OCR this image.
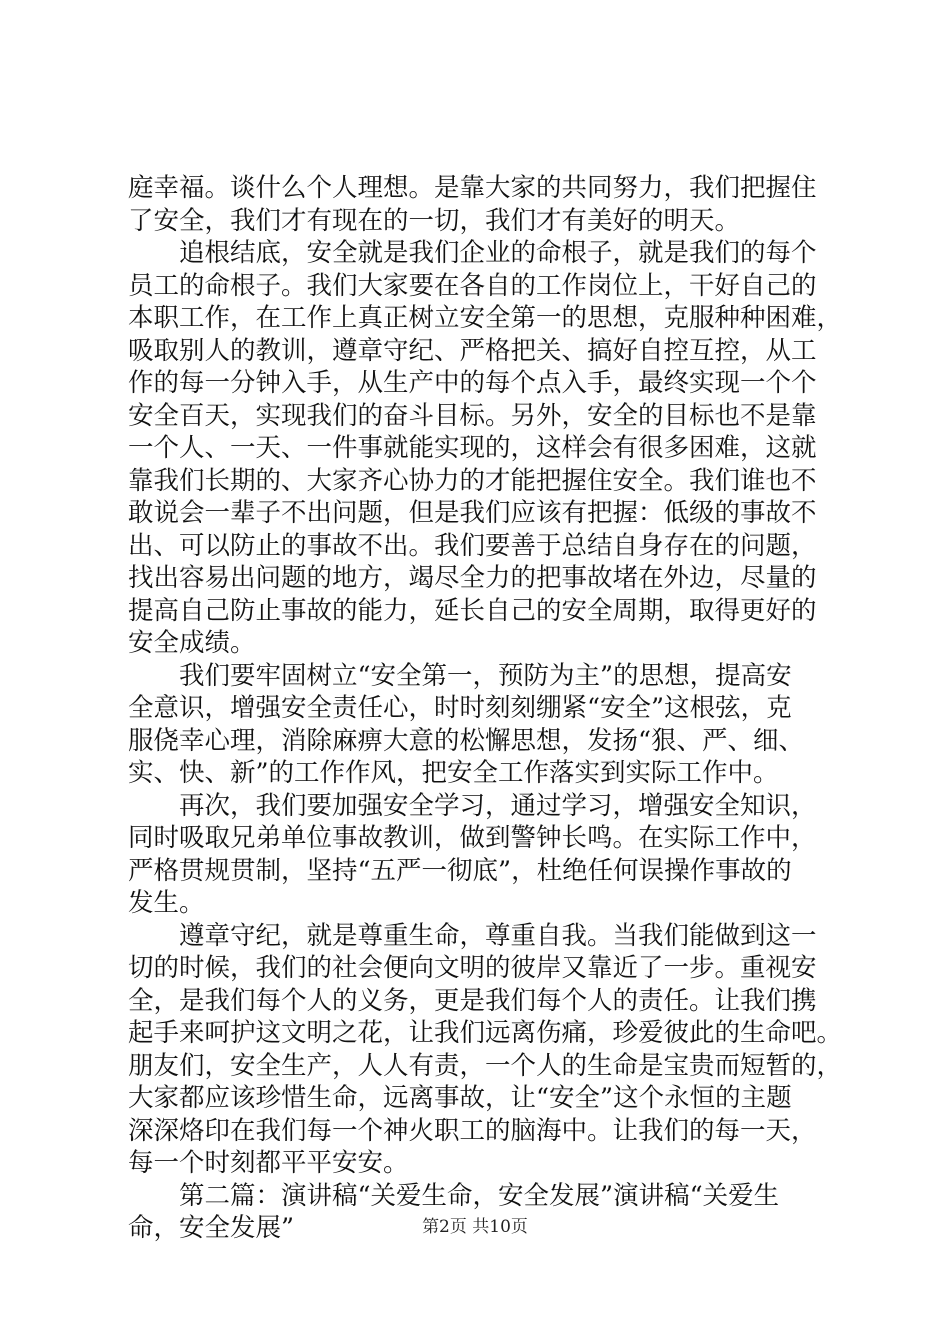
庭幸福。谈什么个人理想。是靠大家的共同努力，我们把握住
了安全，我们才有现在的一切，我们才有美好的明天。
追根结底，安全就是我们企业的命根子，就是我们的每个
员工的命根子。我们大家要在各自的工作岗位上，干好自己的
本职工作，在工作上真正树立安全第一的思想，克服种种困难，
吸取别人的教训，遵章守纪、严格把关、搞好自控互控，从工
作的每一分钟入手，从生产中的每个点入手，最终实现一个个
安全百天，实现我们的奋斗目标。另外，安全的目标也不是靠
一个人、一天、一件事就能实现的，这样会有很多困难，这就
靠我们长期的、大家齐心协力的才能把握住安全。我们谁也不
敢说会一辈子不出问题，但是我们应该有把握：低级的事故不
出、可以防止的事故不出。我们要善于总结自身存在的问题，
找出容易出问题的地方，竭尽全力的把事故堵在外边，尽量的
提高自己防止事故的能力，延长自己的安全周期，取得更好的
安全成绩。
我们要牢固树立“安全第一，预防为主”的思想，提高安
全意识，增强安全责任心，时时刻刻绷紧“安全”这根弦，克
服侥幸心理，消除麻痹大意的松懈思想，发扬“狠、严、细、
实、快、新”的工作作风，把安全工作落实到实际工作中。
再次，我们要加强安全学习，通过学习，增强安全知识，
同时吸取兄弟单位事故教训，做到警钟长鸣。在实际工作中，
严格贯规贯制，坚持“五严一彻底”，杜绝任何误操作事故的
发生。
遵章守纪，就是尊重生命，尊重自我。当我们能做到这一
切的时候，我们的社会便向文明的彼岸又靠近了一步。重视安
全，是我们每个人的义务，更是我们每个人的责任。让我们携
起手来呵护这文明之花，让我们远离伤痛，珍爱彼此的生命吧。
朋友们，安全生产，人人有责，一个人的生命是宝贵而短暂的，
大家都应该珍惜生命，远离事故，让“安全”这个永恒的主题
深深烙印在我们每一个神火职工的脑海中。让我们的每一天，
每一个时刻都平平安安。
第二篇：演讲稿“关爱生命，安全发展”演讲稿“关爱生
命，安全发展”	第2页 共10页
